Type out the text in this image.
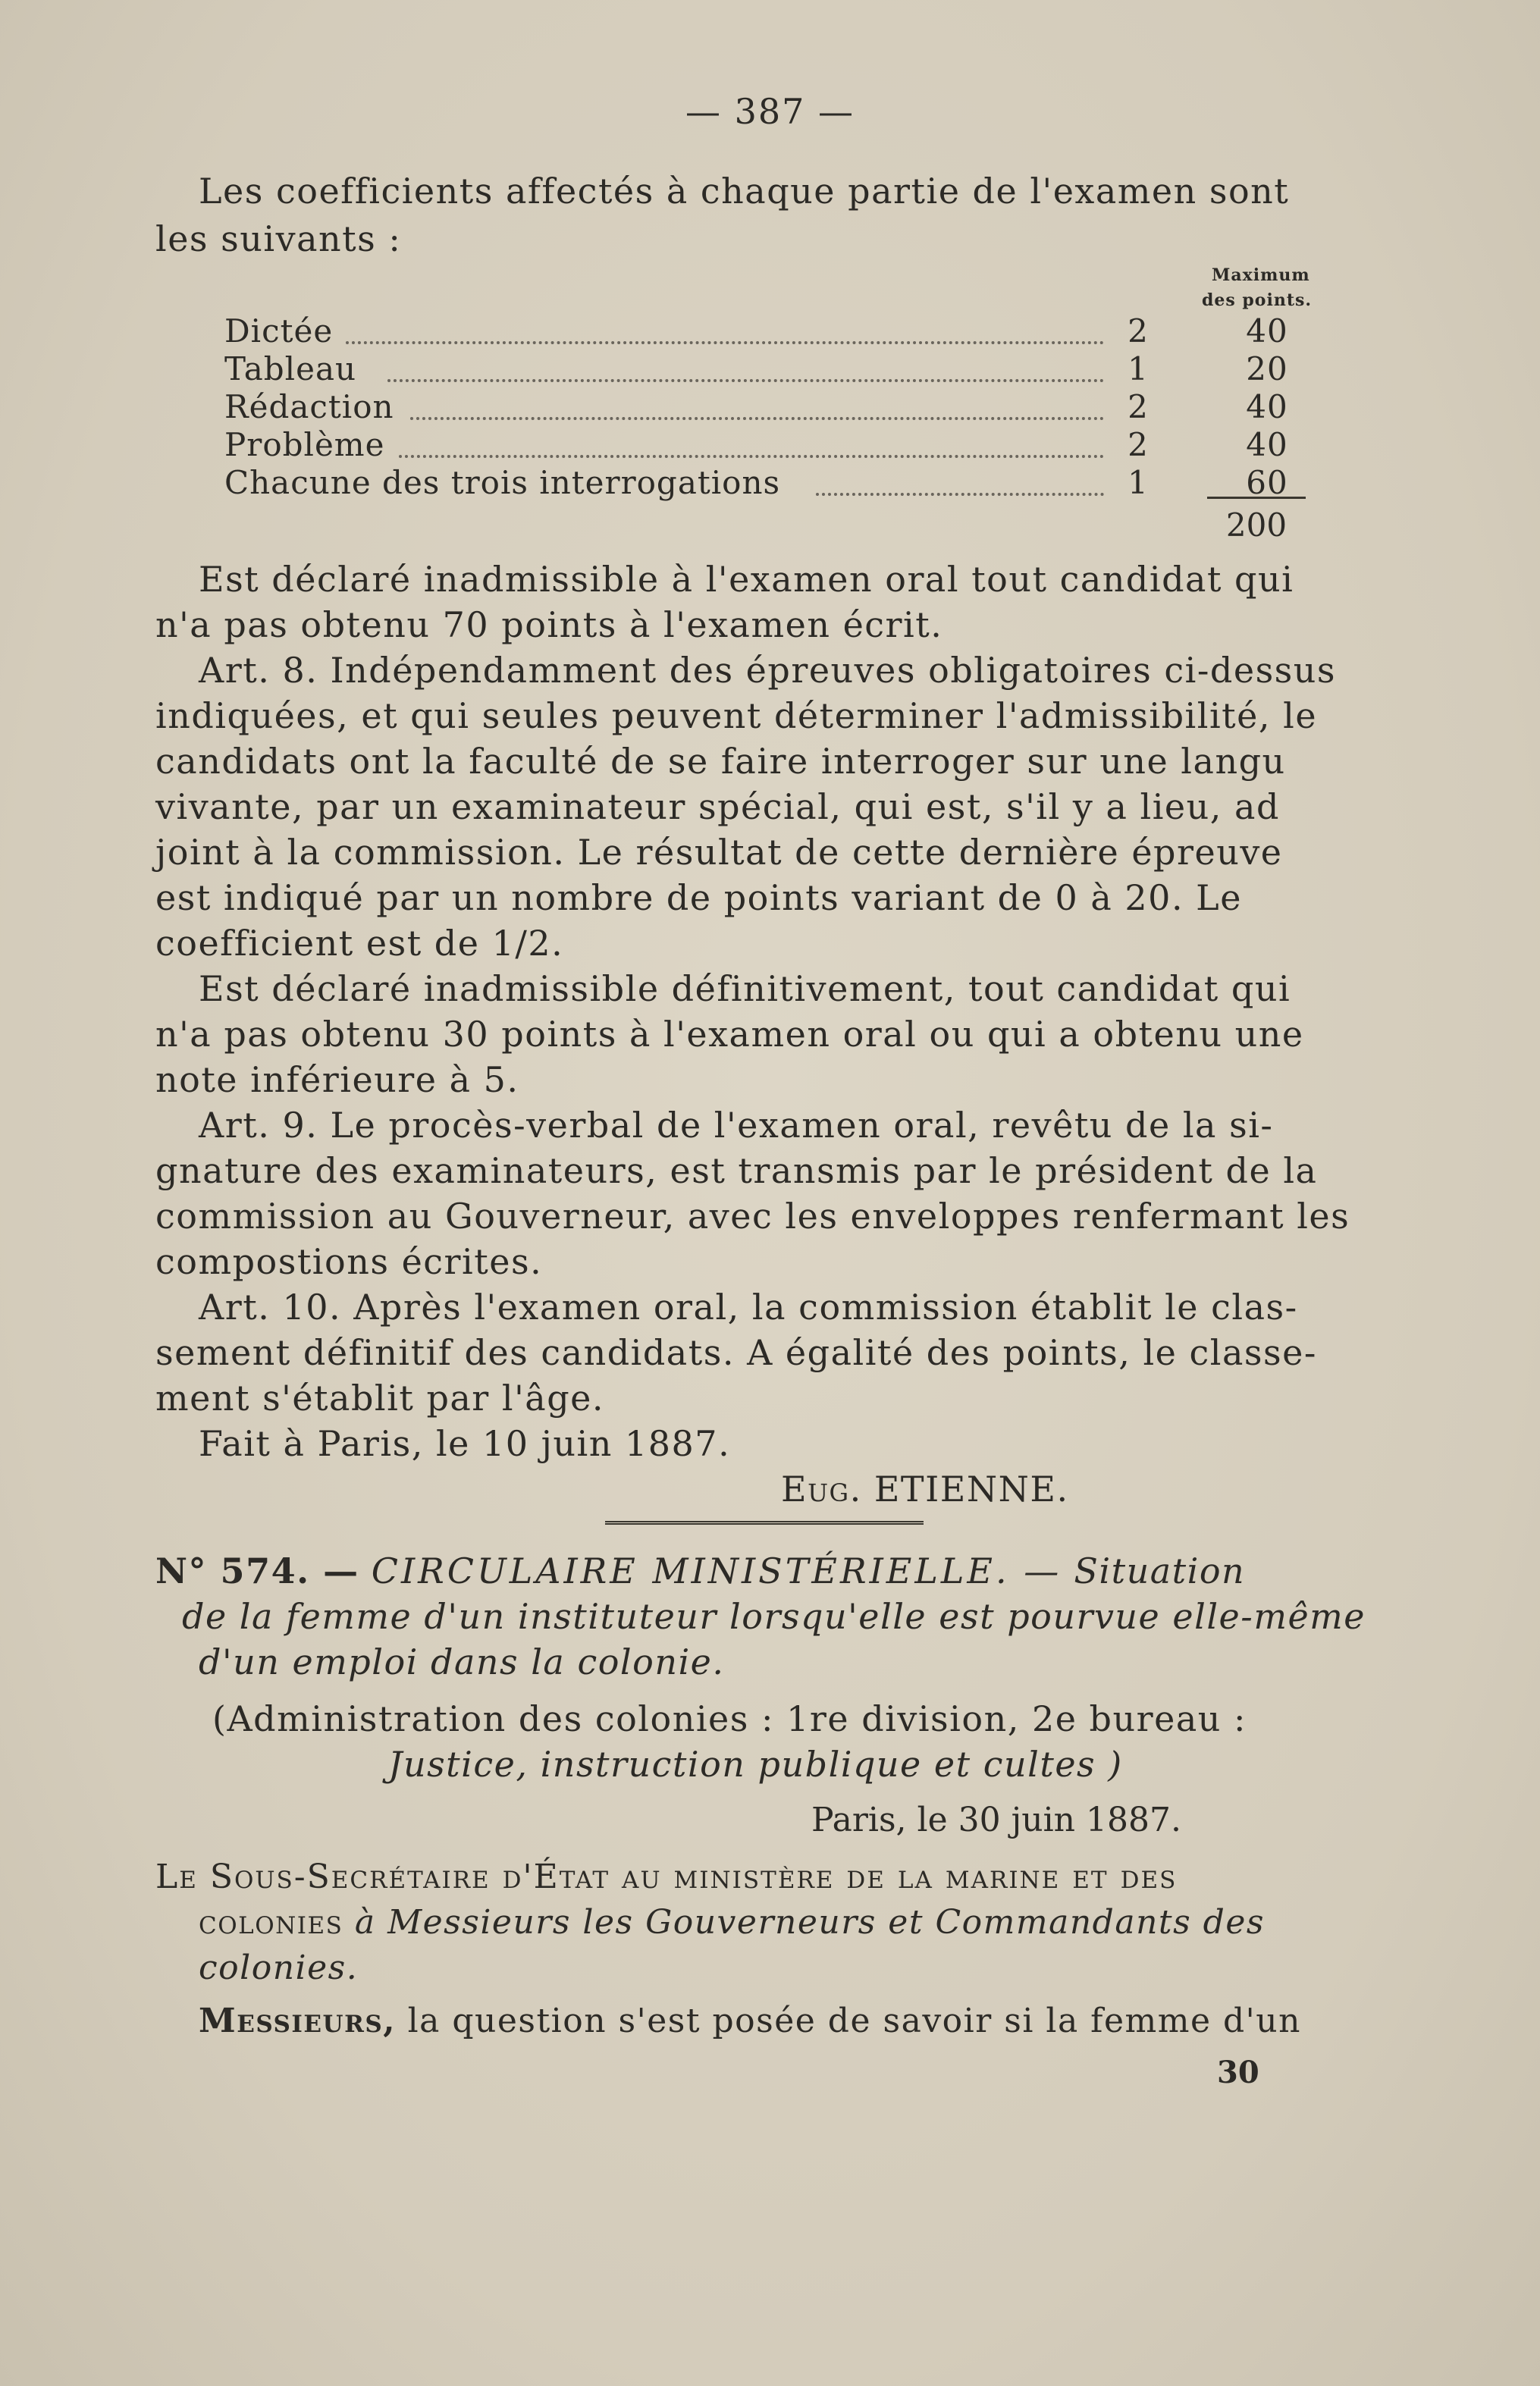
— 387 —
Les coefficients affectés à chaque partie de l'examen sont
les suivants :
Maximum
des points.
Dictée	2	40
Tableau	1	20
Rédaction	2	40
Problème	2	40
Chacune des trois interrogations	1	60
200
Est déclaré inadmissible à l'examen oral tout candidat qui
n'a pas obtenu 70 points à l'examen écrit.
Art. 8. Indépendamment des épreuves obligatoires ci-dessus
indiquées, et qui seules peuvent déterminer l'admissibilité, le
candidats ont la faculté de se faire interroger sur une langu
vivante, par un examinateur spécial, qui est, s'il y a lieu, ad
joint à la commission. Le résultat de cette dernière épreuve
est indiqué par un nombre de points variant de 0 à 20. Le
coefficient est de 1/2.
Est déclaré inadmissible définitivement, tout candidat qui
n'a pas obtenu 30 points à l'examen oral ou qui a obtenu une
note inférieure à 5.
Art. 9. Le procès-verbal de l'examen oral, revêtu de la si-
gnature des examinateurs, est transmis par le président de la
commission au Gouverneur, avec les enveloppes renfermant les
compostions écrites.
Art. 10. Après l'examen oral, la commission établit le clas-
sement définitif des candidats. A égalité des points, le classe-
ment s'établit par l'âge.
Fait à Paris, le 10 juin 1887.
Eug. ETIENNE.
N° 574. — CIRCULAIRE MINISTÉRIELLE. — Situation
de la femme d'un instituteur lorsqu'elle est pourvue elle-même
d'un emploi dans la colonie.
(Administration des colonies : 1re division, 2e bureau :
Justice, instruction publique et cultes )
Paris, le 30 juin 1887.
Le Sous-Secrétaire d'État au ministère de la marine et des
colonies à Messieurs les Gouverneurs et Commandants des
colonies.
Messieurs, la question s'est posée de savoir si la femme d'un
30
